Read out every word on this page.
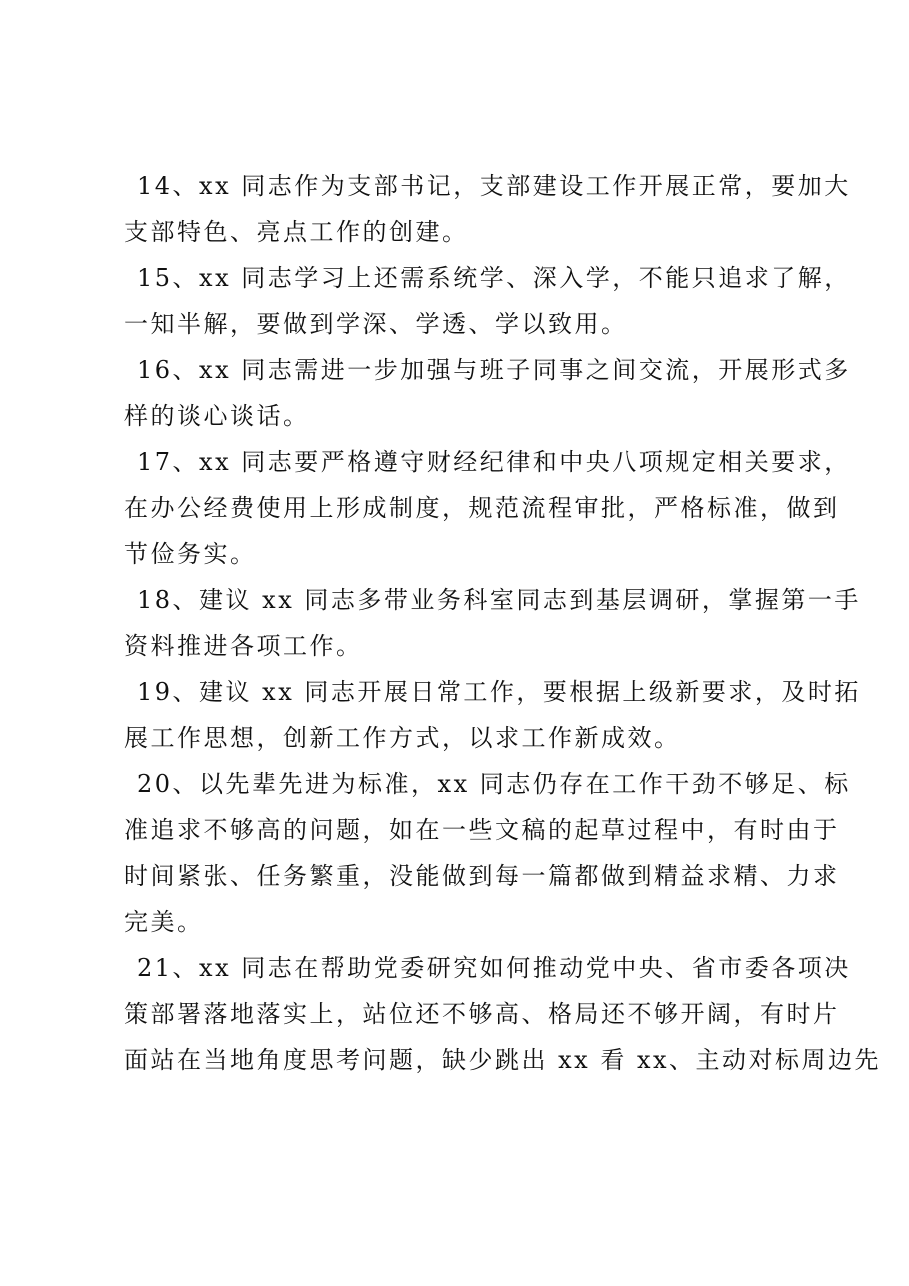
14、xx 同志作为支部书记，支部建设工作开展正常，要加大
支部特色、亮点工作的创建。

15、xx 同志学习上还需系统学、深入学，不能只追求了解，
一知半解，要做到学深、学透、学以致用。

16、xx 同志需进一步加强与班子同事之间交流，开展形式多
样的谈心谈话。

17、xx 同志要严格遵守财经纪律和中央八项规定相关要求，
在办公经费使用上形成制度，规范流程审批，严格标准，做到
节俭务实。

18、建议 xx 同志多带业务科室同志到基层调研，掌握第一手
资料推进各项工作。

19、建议 xx 同志开展日常工作，要根据上级新要求，及时拓
展工作思想，创新工作方式，以求工作新成效。

20、以先辈先进为标准，xx 同志仍存在工作干劲不够足、标
准追求不够高的问题，如在一些文稿的起草过程中，有时由于
时间紧张、任务繁重，没能做到每一篇都做到精益求精、力求
完美。

21、xx 同志在帮助党委研究如何推动党中央、省市委各项决
策部署落地落实上，站位还不够高、格局还不够开阔，有时片
面站在当地角度思考问题，缺少跳出 xx 看 xx、主动对标周边先
